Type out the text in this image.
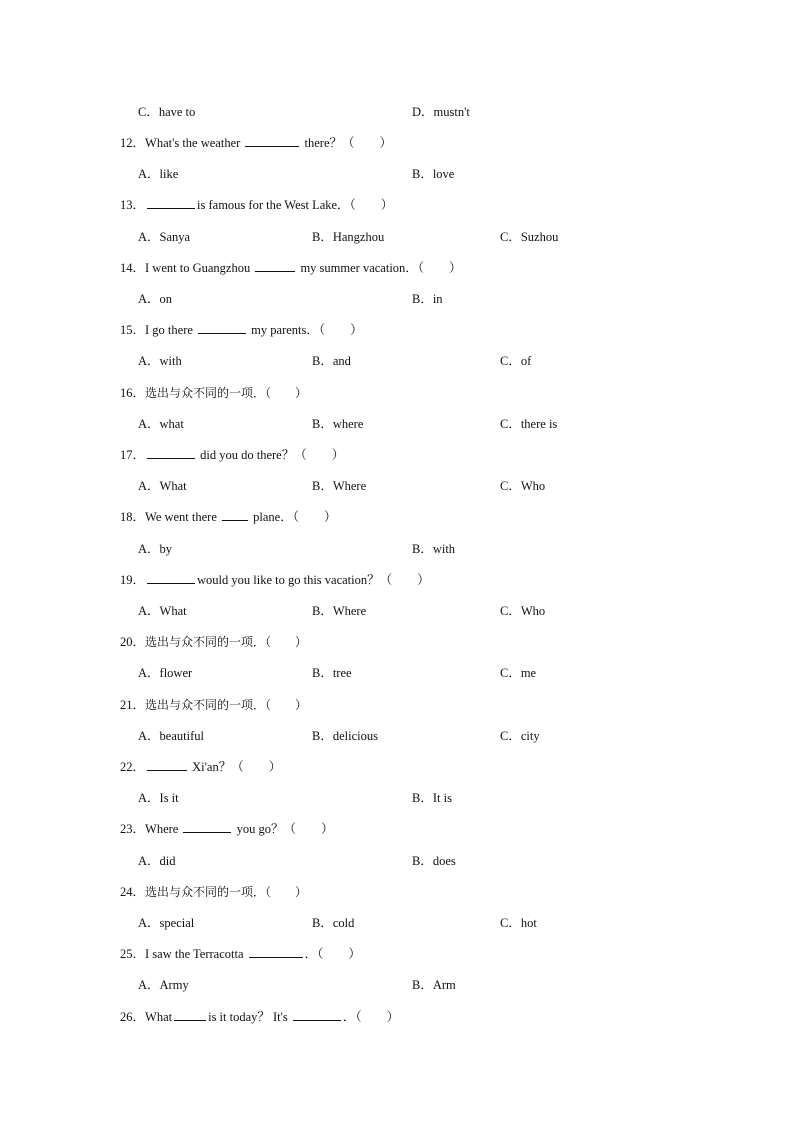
C．have to	D．mustn't
12．What's the weather	there？（　　）
A．like	B．love
13．	is famous for the West Lake．（　　）
A．Sanya	B．Hangzhou	C．Suzhou
14．I went to Guangzhou	my summer vacation．（　　）
A．on	B．in
15．I go there	my parents．（　　）
A．with	B．and	C．of
16．选出与众不同的一项．（　　）
A．what	B．where	C．there is
17．	did you do there？（　　）
A．What	B．Where	C．Who
18．We went there  plane．（　　）
A．by	B．with
19．	would you like to go this vacation？（　　）
A．What	B．Where	C．Who
20．选出与众不同的一项．（　　）
A．flower	B．tree	C．me
21．选出与众不同的一项．（　　）
A．beautiful	B．delicious	C．city
22．	Xi'an？（　　）
A．Is it	B．It is
23．Where	you go？（　　）
A．did	B．does
24．选出与众不同的一项．（　　）
A．special	B．cold	C．hot
25．I saw the Terracotta	．（　　）
A．Army	B．Arm
26．What	is it today？ It's	．（　　）
